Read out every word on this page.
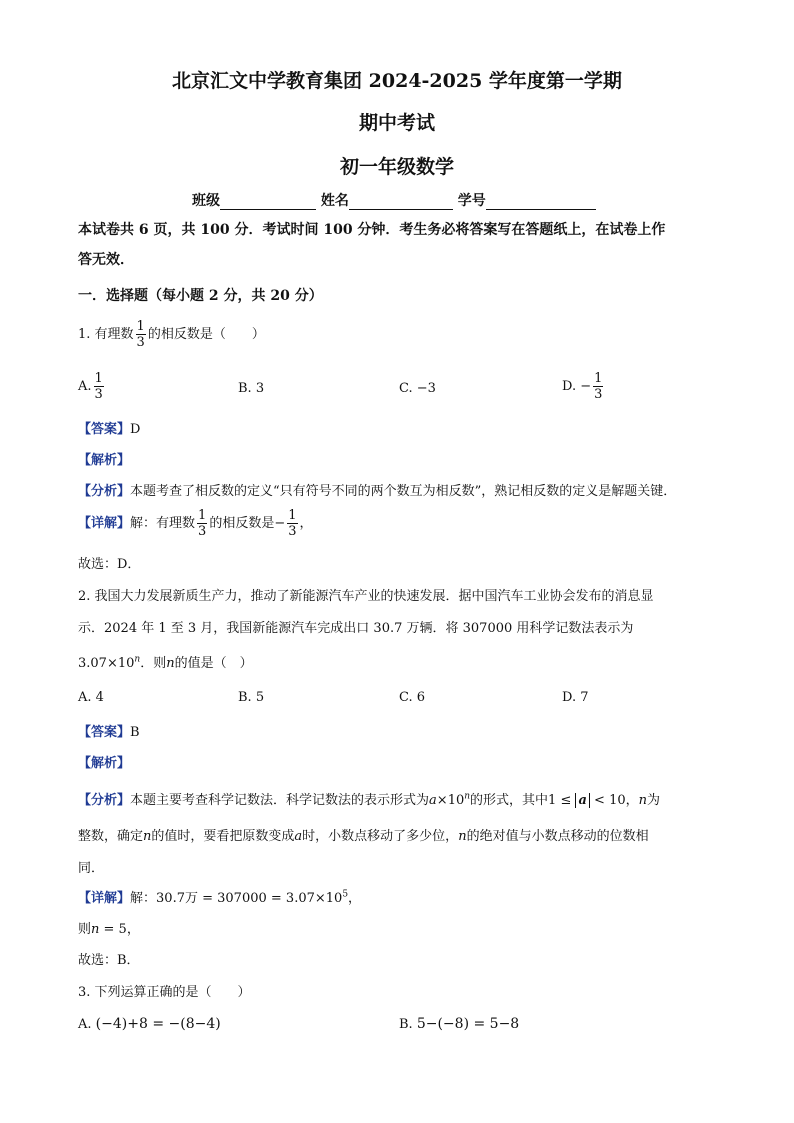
北京汇文中学教育集团 2024-2025 学年度第一学期
期中考试
初一年级数学
班级	姓名	学号
本试卷共 6 页，共 100 分．考试时间 100 分钟．考生务必将答案写在答题纸上，在试卷上作
答无效．
一．选择题（每小题 2 分，共 20 分）
1. 有理数 $\frac{1}{3}$ 的相反数是（　　）
A. $\frac{1}{3}$	B. 3	C. −3	D. − $\frac{1}{3}$
【答案】D
【解析】
【分析】本题考查了相反数的定义“只有符号不同的两个数互为相反数”，熟记相反数的定义是解题关键．
【详解】解：有理数 $\frac{1}{3}$ 的相反数是− $\frac{1}{3}$ ，
故选：D．
2. 我国大力发展新质生产力，推动了新能源汽车产业的快速发展．据中国汽车工业协会发布的消息显
示．2024 年 1 至 3 月，我国新能源汽车完成出口 30.7 万辆．将 307000 用科学记数法表示为
$3.07\times 10^n$．则n的值是（　）
A. 4	B. 5	C. 6	D. 7
【答案】B
【解析】
【分析】本题主要考查科学记数法．科学记数法的表示形式为$a\times 10^n$的形式，其中1 ≤ a < 10，n为
整数，确定n的值时，要看把原数变成a时，小数点移动了多少位，n的绝对值与小数点移动的位数相
同．
【详解】解：30.7万 = $307000 = 3.07\times 10^5$，
则n = 5，
故选：B．
3. 下列运算正确的是（　　）
A. (−4)+8 = −(8−4)	B. 5−(−8) = 5−8
